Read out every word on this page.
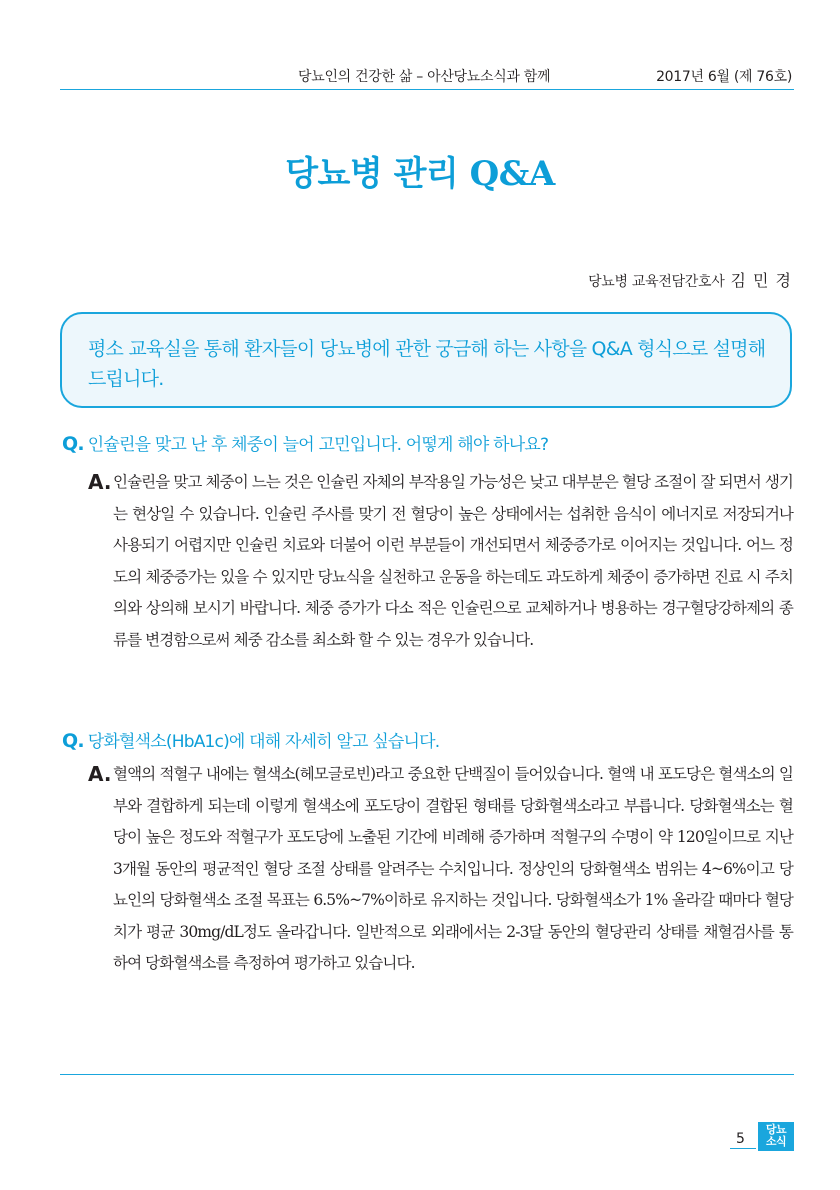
당뇨인의 건강한 삶 – 아산당뇨소식과 함께	2017년 6월 (제 76호)
당뇨병 관리 Q&A
당뇨병 교육전담간호사 김 민 경

평소 교육실을 통해 환자들이 당뇨병에 관한 궁금해 하는 사항을 Q&A 형식으로 설명해 드립니다.

Q. 인슐린을 맞고 난 후 체중이 늘어 고민입니다. 어떻게 해야 하나요?
A. 인슐린을 맞고 체중이 느는 것은 인슐린 자체의 부작용일 가능성은 낮고 대부분은 혈당 조절이 잘 되면서 생기는 현상일 수 있습니다. 인슐린 주사를 맞기 전 혈당이 높은 상태에서는 섭취한 음식이 에너지로 저장되거나 사용되기 어렵지만 인슐린 치료와 더불어 이런 부분들이 개선되면서 체중증가로 이어지는 것입니다. 어느 정도의 체중증가는 있을 수 있지만 당뇨식을 실천하고 운동을 하는데도 과도하게 체중이 증가하면 진료 시 주치의와 상의해 보시기 바랍니다. 체중 증가가 다소 적은 인슐린으로 교체하거나 병용하는 경구혈당강하제의 종류를 변경함으로써 체중 감소를 최소화 할 수 있는 경우가 있습니다.

Q. 당화혈색소(HbA1c)에 대해 자세히 알고 싶습니다.
A. 혈액의 적혈구 내에는 혈색소(헤모글로빈)라고 중요한 단백질이 들어있습니다. 혈액 내 포도당은 혈색소의 일부와 결합하게 되는데 이렇게 혈색소에 포도당이 결합된 형태를 당화혈색소라고 부릅니다. 당화혈색소는 혈당이 높은 정도와 적혈구가 포도당에 노출된 기간에 비례해 증가하며 적혈구의 수명이 약 120일이므로 지난 3개월 동안의 평균적인 혈당 조절 상태를 알려주는 수치입니다. 정상인의 당화혈색소 범위는 4~6%이고 당뇨인의 당화혈색소 조절 목표는 6.5%~7%이하로 유지하는 것입니다. 당화혈색소가 1% 올라갈 때마다 혈당치가 평균 30mg/dL정도 올라갑니다. 일반적으로 외래에서는 2-3달 동안의 혈당관리 상태를 채혈검사를 통하여 당화혈색소를 측정하여 평가하고 있습니다.

5
당뇨
소식
